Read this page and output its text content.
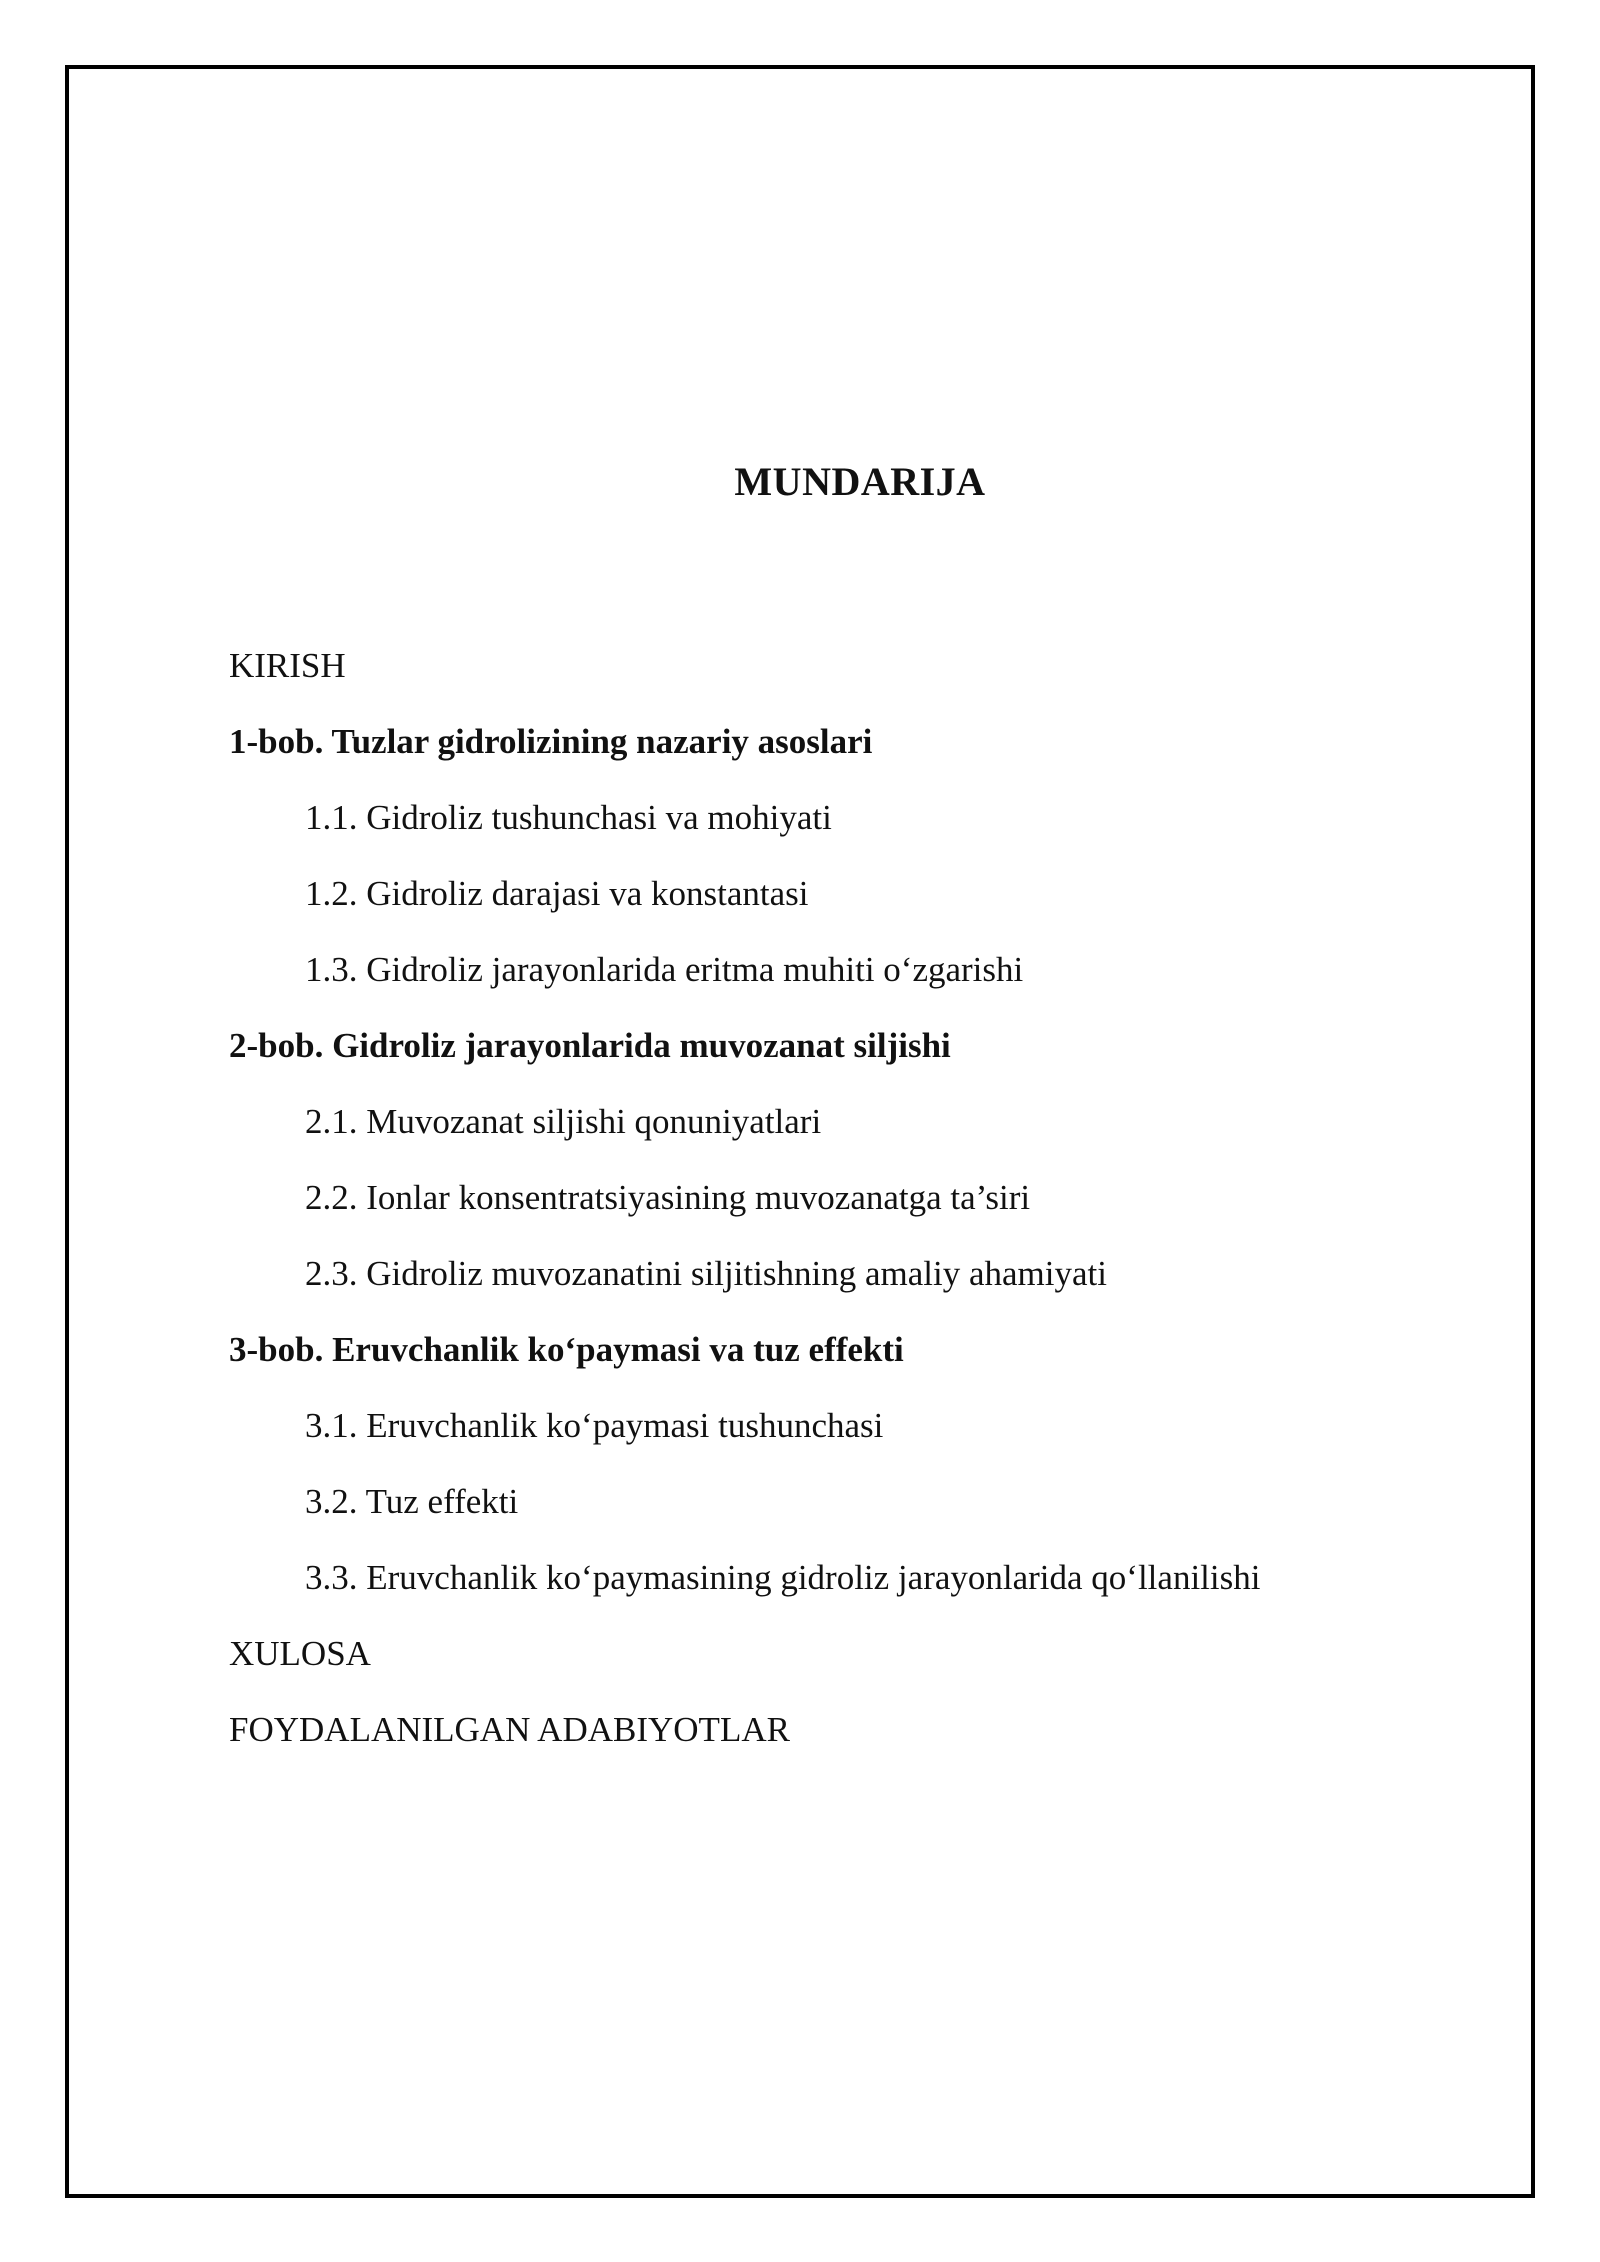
MUNDARIJA
KIRISH
1-bob. Tuzlar gidrolizining nazariy asoslari
1.1. Gidroliz tushunchasi va mohiyati
1.2. Gidroliz darajasi va konstantasi
1.3. Gidroliz jarayonlarida eritma muhiti o‘zgarishi
2-bob. Gidroliz jarayonlarida muvozanat siljishi
2.1. Muvozanat siljishi qonuniyatlari
2.2. Ionlar konsentratsiyasining muvozanatga ta’siri
2.3. Gidroliz muvozanatini siljitishning amaliy ahamiyati
3-bob. Eruvchanlik ko‘paymasi va tuz effekti
3.1. Eruvchanlik ko‘paymasi tushunchasi
3.2. Tuz effekti
3.3. Eruvchanlik ko‘paymasining gidroliz jarayonlarida qo‘llanilishi
XULOSA
FOYDALANILGAN ADABIYOTLAR
